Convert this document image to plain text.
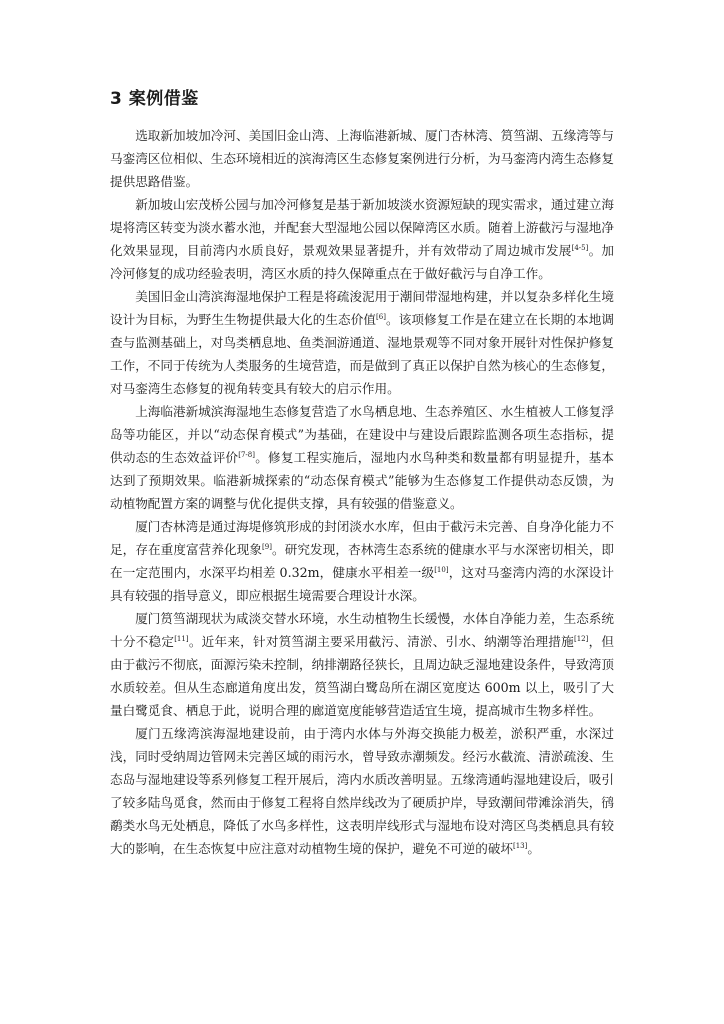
3 案例借鉴

选取新加坡加冷河、美国旧金山湾、上海临港新城、厦门杏林湾、筼筜湖、五缘湾等与马銮湾区位相似、生态环境相近的滨海湾区生态修复案例进行分析，为马銮湾内湾生态修复提供思路借鉴。

新加坡山宏茂桥公园与加冷河修复是基于新加坡淡水资源短缺的现实需求，通过建立海堤将湾区转变为淡水蓄水池，并配套大型湿地公园以保障湾区水质。随着上游截污与湿地净化效果显现，目前湾内水质良好，景观效果显著提升，并有效带动了周边城市发展[4-5]。加冷河修复的成功经验表明，湾区水质的持久保障重点在于做好截污与自净工作。

美国旧金山湾滨海湿地保护工程是将疏浚泥用于潮间带湿地构建，并以复杂多样化生境设计为目标，为野生生物提供最大化的生态价值[6]。该项修复工作是在建立在长期的本地调查与监测基础上，对鸟类栖息地、鱼类洄游通道、湿地景观等不同对象开展针对性保护修复工作，不同于传统为人类服务的生境营造，而是做到了真正以保护自然为核心的生态修复，对马銮湾生态修复的视角转变具有较大的启示作用。

上海临港新城滨海湿地生态修复营造了水鸟栖息地、生态养殖区、水生植被人工修复浮岛等功能区，并以“动态保育模式”为基础，在建设中与建设后跟踪监测各项生态指标，提供动态的生态效益评价[7-8]。修复工程实施后，湿地内水鸟种类和数量都有明显提升，基本达到了预期效果。临港新城探索的“动态保育模式”能够为生态修复工作提供动态反馈，为动植物配置方案的调整与优化提供支撑，具有较强的借鉴意义。

厦门杏林湾是通过海堤修筑形成的封闭淡水水库，但由于截污未完善、自身净化能力不足，存在重度富营养化现象[9]。研究发现，杏林湾生态系统的健康水平与水深密切相关，即在一定范围内，水深平均相差 0.32m，健康水平相差一级[10]，这对马銮湾内湾的水深设计具有较强的指导意义，即应根据生境需要合理设计水深。

厦门筼筜湖现状为咸淡交替水环境，水生动植物生长缓慢，水体自净能力差，生态系统十分不稳定[11]。近年来，针对筼筜湖主要采用截污、清淤、引水、纳潮等治理措施[12]，但由于截污不彻底，面源污染未控制，纳排潮路径狭长，且周边缺乏湿地建设条件，导致湾顶水质较差。但从生态廊道角度出发，筼筜湖白鹭岛所在湖区宽度达 600m 以上，吸引了大量白鹭觅食、栖息于此，说明合理的廊道宽度能够营造适宜生境，提高城市生物多样性。

厦门五缘湾滨海湿地建设前，由于湾内水体与外海交换能力极差，淤积严重，水深过浅，同时受纳周边管网未完善区域的雨污水，曾导致赤潮频发。经污水截流、清淤疏浚、生态岛与湿地建设等系列修复工程开展后，湾内水质改善明显。五缘湾通屿湿地建设后，吸引了较多陆鸟觅食，然而由于修复工程将自然岸线改为了硬质护岸，导致潮间带滩涂消失，鸻鹬类水鸟无处栖息，降低了水鸟多样性，这表明岸线形式与湿地布设对湾区鸟类栖息具有较大的影响，在生态恢复中应注意对动植物生境的保护，避免不可逆的破坏[13]。
